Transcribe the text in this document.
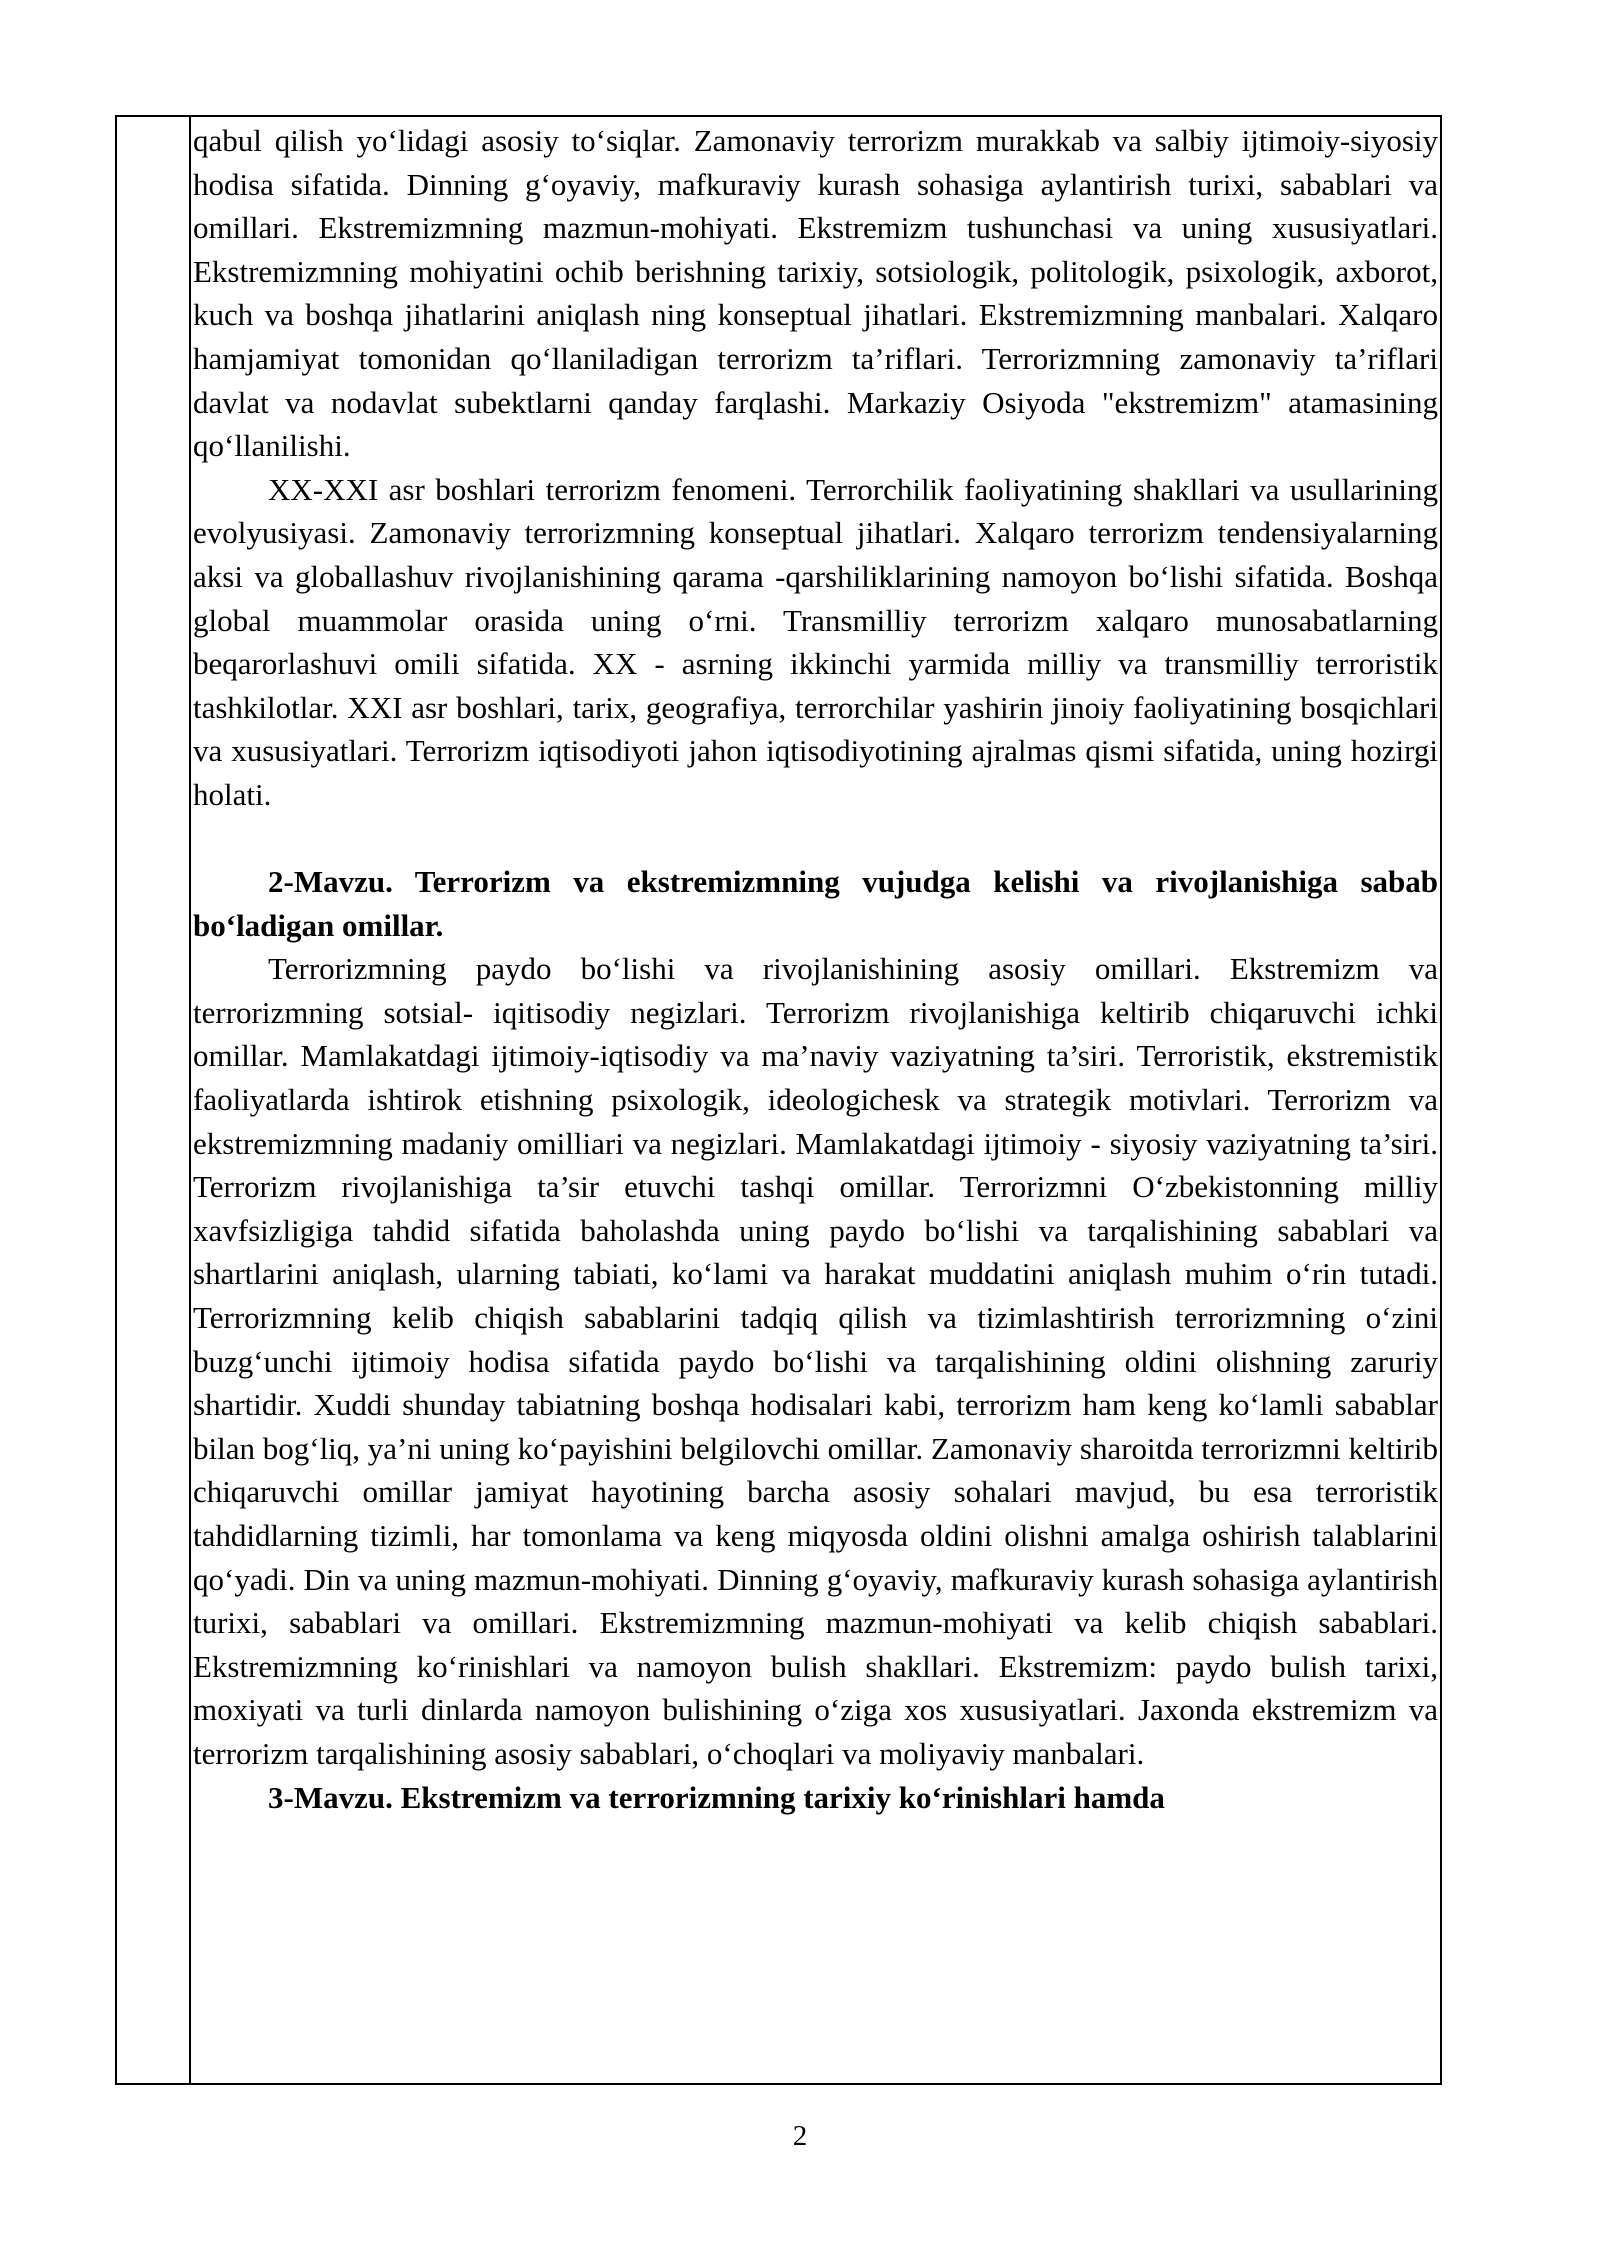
qabul qilish yo‘lidagi asosiy to‘siqlar. Zamonaviy terrorizm murakkab va salbiy ijtimoiy-siyosiy hodisa sifatida. Dinning g‘oyaviy, mafkuraviy kurash sohasiga aylantirish turixi, sabablari va omillari. Ekstremizmning mazmun-mohiyati. Ekstremizm tushunchasi va uning xususiyatlari. Ekstremizmning mohiyatini ochib berishning tarixiy, sotsiologik, politologik, psixologik, axborot, kuch va boshqa jihatlarini aniqlash ning konseptual jihatlari. Ekstremizmning manbalari. Xalqaro hamjamiyat tomonidan qo‘llaniladigan terrorizm ta’riflari. Terrorizmning zamonaviy ta’riflari davlat va nodavlat subektlarni qanday farqlashi. Markaziy Osiyoda "ekstremizm" atamasining qo‘llanilishi.

XX-XXI asr boshlari terrorizm fenomeni. Terrorchilik faoliyatining shakllari va usullarining evolyusiyasi. Zamonaviy terrorizmning konseptual jihatlari. Xalqaro terrorizm tendensiyalarning aksi va globallashuv rivojlanishining qarama -qarshiliklarining namoyon bo‘lishi sifatida. Boshqa global muammolar orasida uning o‘rni. Transmilliy terrorizm xalqaro munosabatlarning beqarorlashuvi omili sifatida. XX - asrning ikkinchi yarmida milliy va transmilliy terroristik tashkilotlar. XXI asr boshlari, tarix, geografiya, terrorchilar yashirin jinoiy faoliyatining bosqichlari va xususiyatlari. Terrorizm iqtisodiyoti jahon iqtisodiyotining ajralmas qismi sifatida, uning hozirgi holati.

2-Mavzu. Terrorizm va ekstremizmning vujudga kelishi va rivojlanishiga sabab bo‘ladigan omillar.

Terrorizmning paydo bo‘lishi va rivojlanishining asosiy omillari. Ekstremizm va terrorizmning sotsial- iqitisodiy negizlari. Terrorizm rivojlanishiga keltirib chiqaruvchi ichki omillar. Mamlakatdagi ijtimoiy-iqtisodiy va ma’naviy vaziyatning ta’siri. Terroristik, ekstremistik faoliyatlarda ishtirok etishning psixologik, ideologichesk va strategik motivlari. Terrorizm va ekstremizmning madaniy omilliari va negizlari. Mamlakatdagi ijtimoiy - siyosiy vaziyatning ta’siri. Terrorizm rivojlanishiga ta’sir etuvchi tashqi omillar. Terrorizmni O‘zbekistonning milliy xavfsizligiga tahdid sifatida baholashda uning paydo bo‘lishi va tarqalishining sabablari va shartlarini aniqlash, ularning tabiati, ko‘lami va harakat muddatini aniqlash muhim o‘rin tutadi. Terrorizmning kelib chiqish sabablarini tadqiq qilish va tizimlashtirish terrorizmning o‘zini buzg‘unchi ijtimoiy hodisa sifatida paydo bo‘lishi va tarqalishining oldini olishning zaruriy shartidir. Xuddi shunday tabiatning boshqa hodisalari kabi, terrorizm ham keng ko‘lamli sabablar bilan bog‘liq, ya’ni uning ko‘payishini belgilovchi omillar. Zamonaviy sharoitda terrorizmni keltirib chiqaruvchi omillar jamiyat hayotining barcha asosiy sohalari mavjud, bu esa terroristik tahdidlarning tizimli, har tomonlama va keng miqyosda oldini olishni amalga oshirish talablarini qo‘yadi. Din va uning mazmun-mohiyati. Dinning g‘oyaviy, mafkuraviy kurash sohasiga aylantirish turixi, sabablari va omillari. Ekstremizmning mazmun-mohiyati va kelib chiqish sabablari. Ekstremizmning ko‘rinishlari va namoyon bulish shakllari. Ekstremizm: paydo bulish tarixi, moxiyati va turli dinlarda namoyon bulishining o‘ziga xos xususiyatlari. Jaxonda ekstremizm va terrorizm tarqalishining asosiy sabablari, o‘choqlari va moliyaviy manbalari.

3-Mavzu. Ekstremizm va terrorizmning tarixiy ko‘rinishlari hamda

2
